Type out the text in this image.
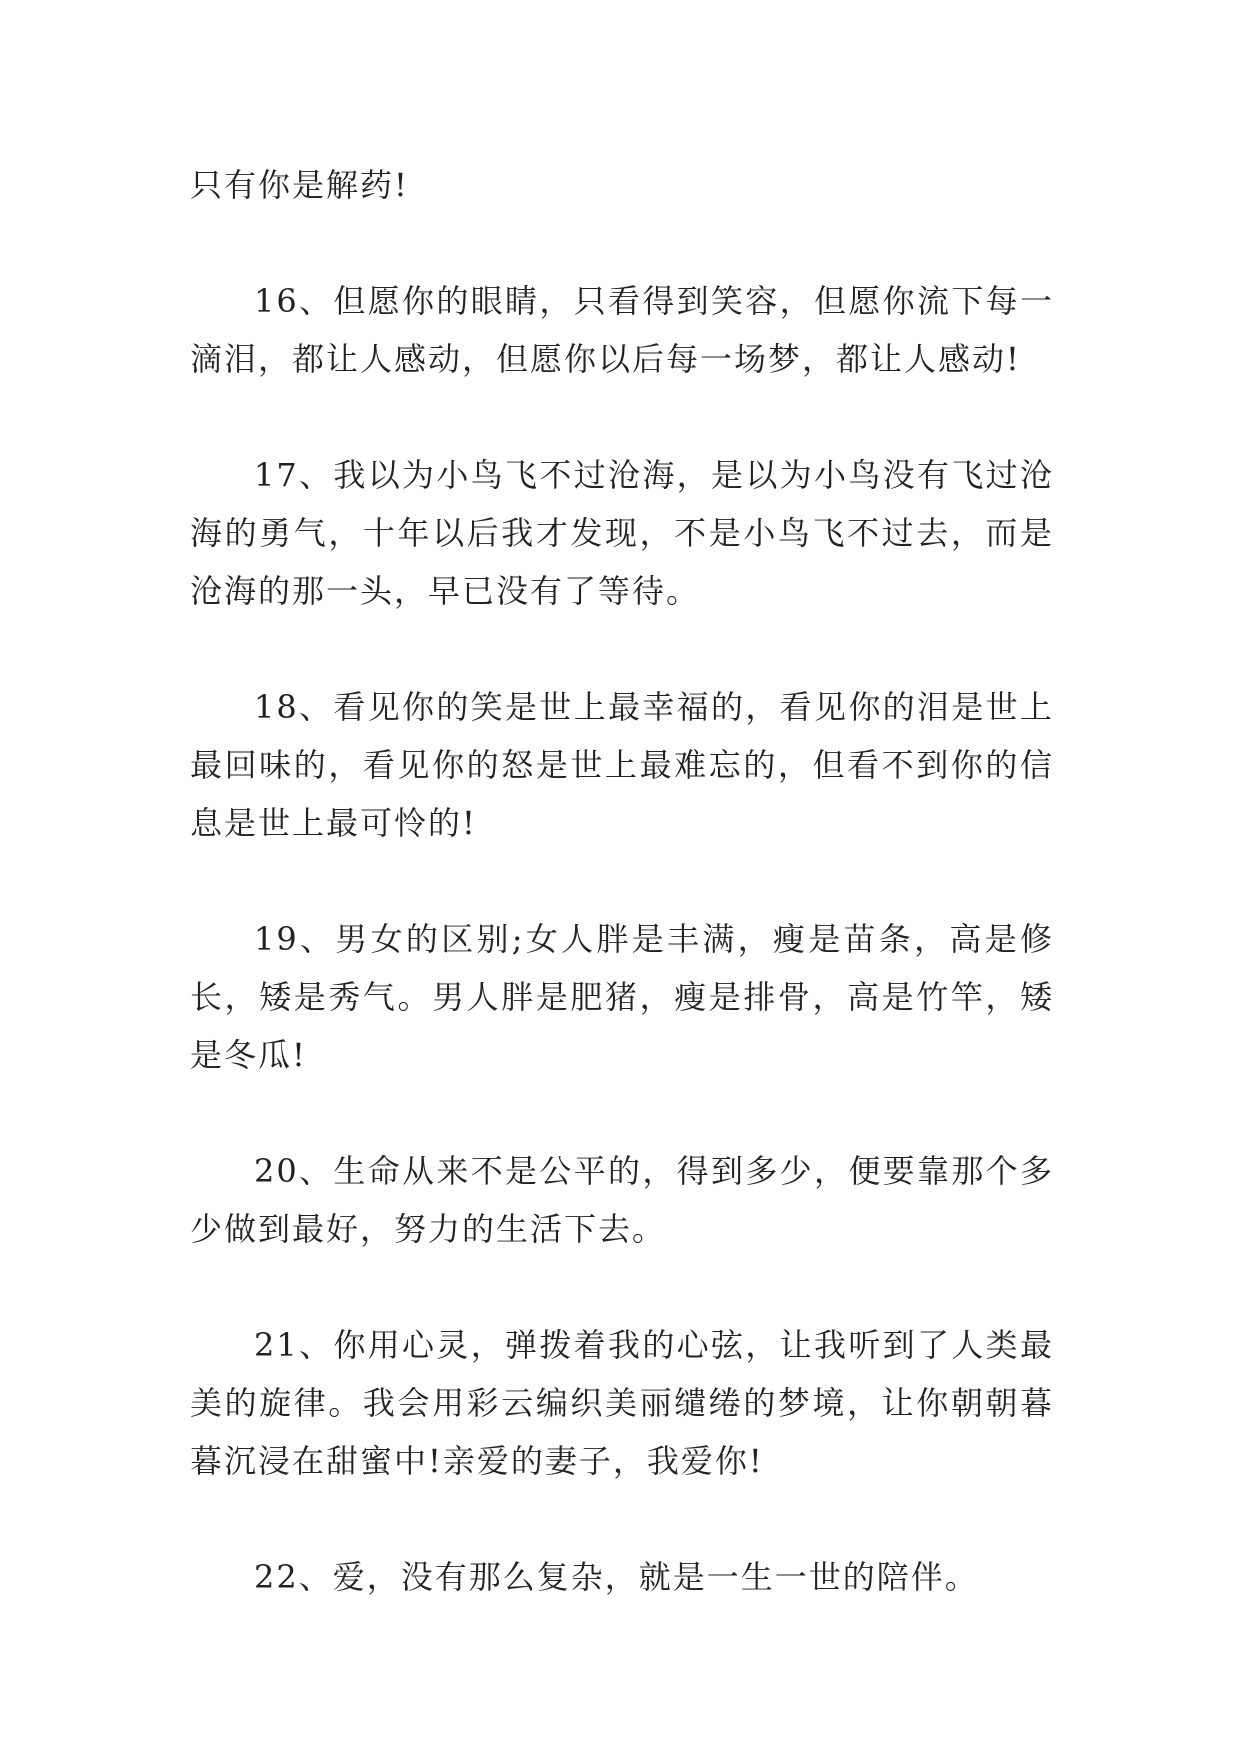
只有你是解药!

16、但愿你的眼睛，只看得到笑容，但愿你流下每一滴泪，都让人感动，但愿你以后每一场梦，都让人感动!

17、我以为小鸟飞不过沧海，是以为小鸟没有飞过沧海的勇气，十年以后我才发现，不是小鸟飞不过去，而是沧海的那一头，早已没有了等待。

18、看见你的笑是世上最幸福的，看见你的泪是世上最回味的，看见你的怒是世上最难忘的，但看不到你的信息是世上最可怜的!

19、男女的区别;女人胖是丰满，瘦是苗条，高是修长，矮是秀气。男人胖是肥猪，瘦是排骨，高是竹竿，矮是冬瓜!

20、生命从来不是公平的，得到多少，便要靠那个多少做到最好，努力的生活下去。

21、你用心灵，弹拨着我的心弦，让我听到了人类最美的旋律。我会用彩云编织美丽缱绻的梦境，让你朝朝暮暮沉浸在甜蜜中!亲爱的妻子，我爱你!

22、爱，没有那么复杂，就是一生一世的陪伴。
